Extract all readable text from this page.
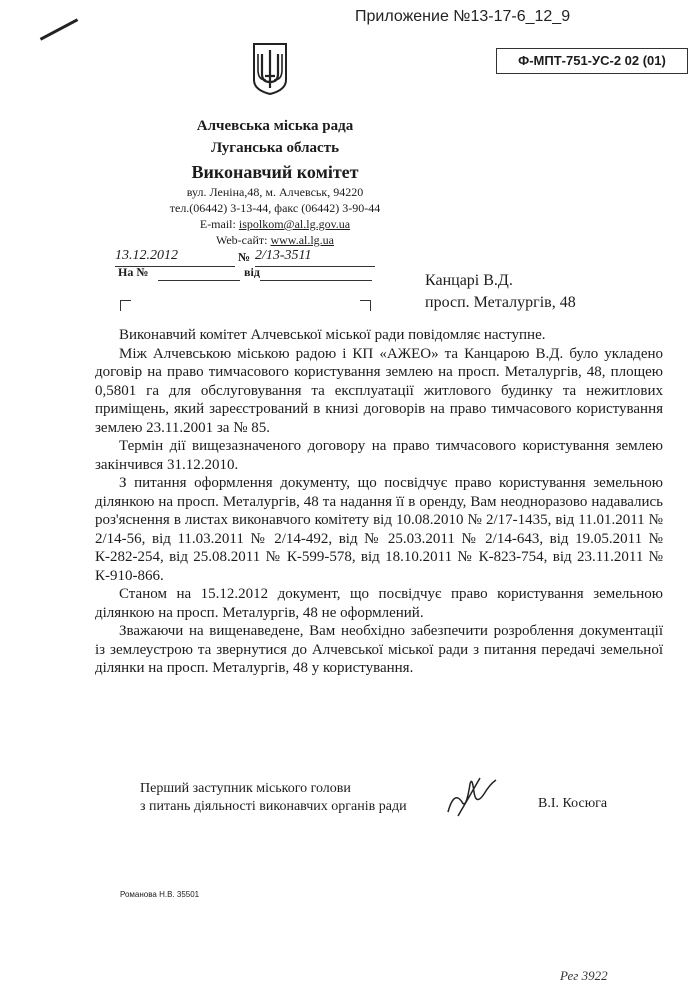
Приложение №13-17-6_12_9
Ф-МПТ-751-УС-2 02 (01)

Алчевська міська рада

Луганська область

Виконавчий комітет

вул. Леніна,48, м. Алчевськ, 94220

тел.(06442) 3-13-44, факс (06442) 3-90-44

E-mail: ispolkom@al.lg.gov.ua

Web-сайт: www.al.lg.ua

13.12.2012	№ 2/13-3511
На №	від	Канцарі В.Д.
просп. Металургів, 48

Виконавчий комітет Алчевської міської ради повідомляє наступне.

Між Алчевською міською радою і КП «АЖЕО» та Канцарою В.Д. було укладено договір на право тимчасового користування землею на просп. Металургів, 48, площею 0,5801 га для обслуговування та експлуатації житлового будинку та нежитлових приміщень, який зареєстрований в книзі договорів на право тимчасового користування землею 23.11.2001 за № 85.

Термін дії вищезазначеного договору на право тимчасового користування землею закінчився 31.12.2010.

З питання оформлення документу, що посвідчує право користування земельною ділянкою на просп. Металургів, 48 та надання її в оренду, Вам неодноразово надавались роз'яснення в листах виконавчого комітету від 10.08.2010 № 2/17-1435, від 11.01.2011 № 2/14-56, від 11.03.2011 № 2/14-492, від № 25.03.2011 № 2/14-643, від 19.05.2011 № К-282-254, від 25.08.2011 № К-599-578, від 18.10.2011 № К-823-754, від 23.11.2011 № К-910-866.

Станом на 15.12.2012 документ, що посвідчує право користування земельною ділянкою на просп. Металургів, 48 не оформлений.

Зважаючи на вищенаведене, Вам необхідно забезпечити розроблення документації із землеустрою та звернутися до Алчевської міської ради з питання передачі земельної ділянки на просп. Металургів, 48 у користування.

Перший заступник міського голови
з питань діяльності виконавчих органів ради	В.І. Косюга
Романова Н.В. 35501
Рег 3922
